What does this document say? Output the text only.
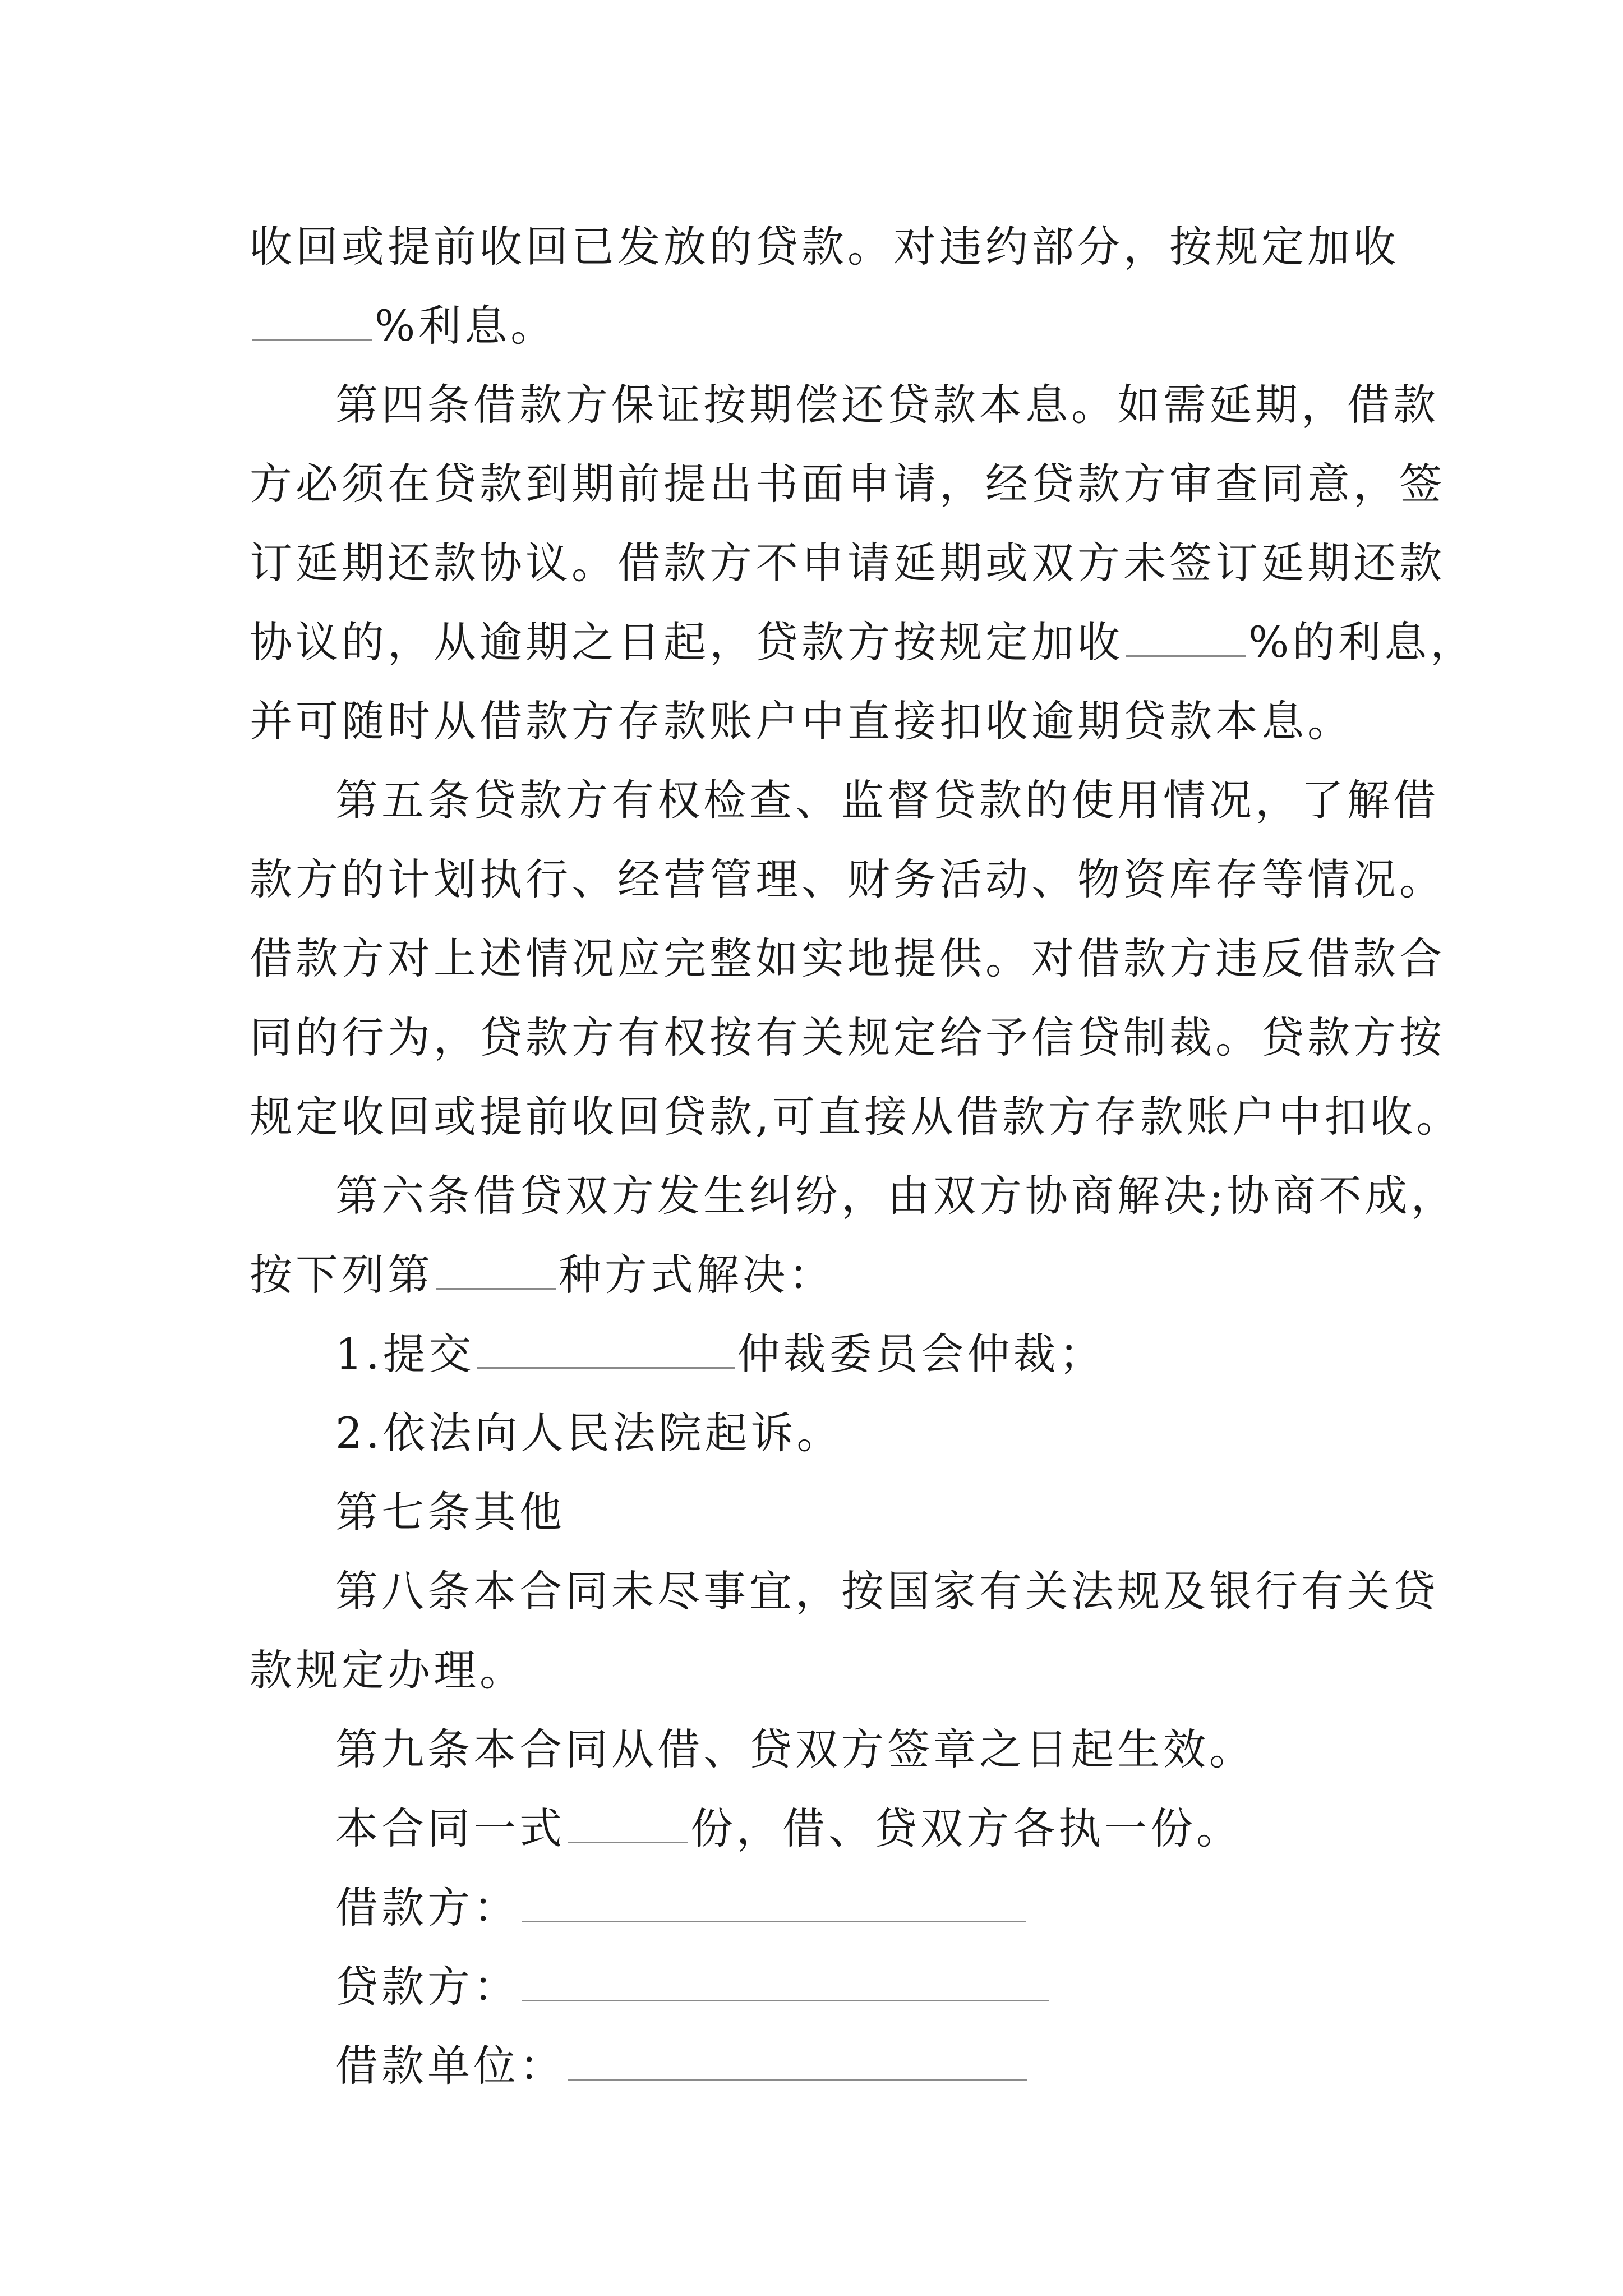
收回或提前收回已发放的贷款。对违约部分，按规定加收
%利息。
第四条借款方保证按期偿还贷款本息。如需延期，借款
方必须在贷款到期前提出书面申请，经贷款方审查同意，签
订延期还款协议。借款方不申请延期或双方未签订延期还款
协议的，从逾期之日起，贷款方按规定加收	%的利息，
并可随时从借款方存款账户中直接扣收逾期贷款本息。
第五条贷款方有权检查、监督贷款的使用情况，了解借
款方的计划执行、经营管理、财务活动、物资库存等情况。
借款方对上述情况应完整如实地提供。对借款方违反借款合
同的行为，贷款方有权按有关规定给予信贷制裁。贷款方按
规定收回或提前收回贷款,可直接从借款方存款账户中扣收。
第六条借贷双方发生纠纷，由双方协商解决;协商不成，
按下列第	种方式解决：
1.提交	仲裁委员会仲裁；
2.依法向人民法院起诉。
第七条其他
第八条本合同未尽事宜，按国家有关法规及银行有关贷
款规定办理。
第九条本合同从借、贷双方签章之日起生效。
本合同一式	份，借、贷双方各执一份。
借款方：
贷款方：
借款单位：
